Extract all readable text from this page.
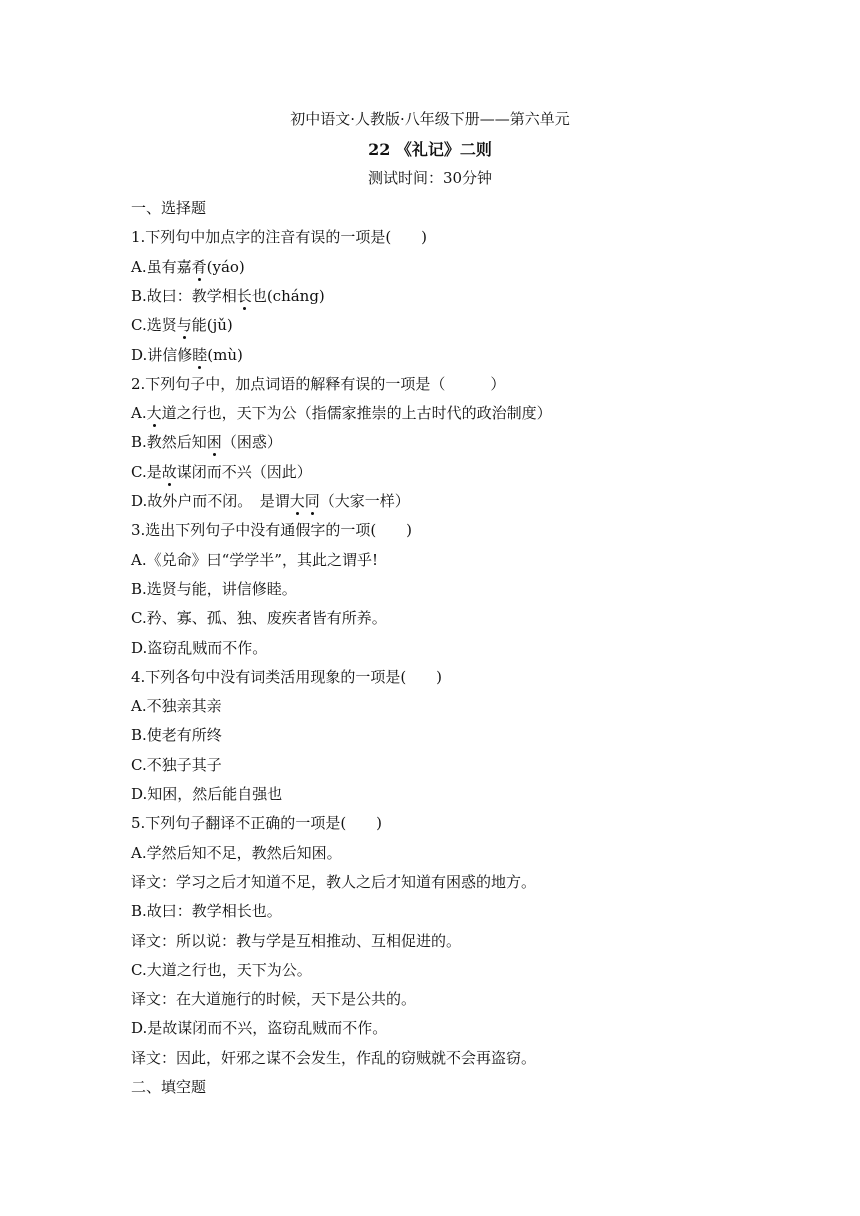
初中语文·人教版·八年级下册——第六单元
22 《礼记》二则
测试时间：30分钟
一、选择题
1.下列句中加点字的注音有误的一项是(　　)
A.虽有嘉肴(yáo)
B.故曰：教学相长也(cháng)
C.选贤与能(jǔ)
D.讲信修睦(mù)
2.下列句子中，加点词语的解释有误的一项是（　　　）
A.大道之行也，天下为公（指儒家推崇的上古时代的政治制度）
B.教然后知困（困惑）
C.是故谋闭而不兴（因此）
D.故外户而不闭。　是谓大同（大家一样）
3.选出下列句子中没有通假字的一项(　　)
A.《兑命》曰“学学半”，其此之谓乎!
B.选贤与能，讲信修睦。
C.矜、寡、孤、独、废疾者皆有所养。
D.盗窃乱贼而不作。
4.下列各句中没有词类活用现象的一项是(　　)
A.不独亲其亲
B.使老有所终
C.不独子其子
D.知困，然后能自强也
5.下列句子翻译不正确的一项是(　　)
A.学然后知不足，教然后知困。
译文：学习之后才知道不足，教人之后才知道有困惑的地方。
B.故曰：教学相长也。
译文：所以说：教与学是互相推动、互相促进的。
C.大道之行也，天下为公。
译文：在大道施行的时候，天下是公共的。
D.是故谋闭而不兴，盗窃乱贼而不作。
译文：因此，奸邪之谋不会发生，作乱的窃贼就不会再盗窃。
二、填空题
